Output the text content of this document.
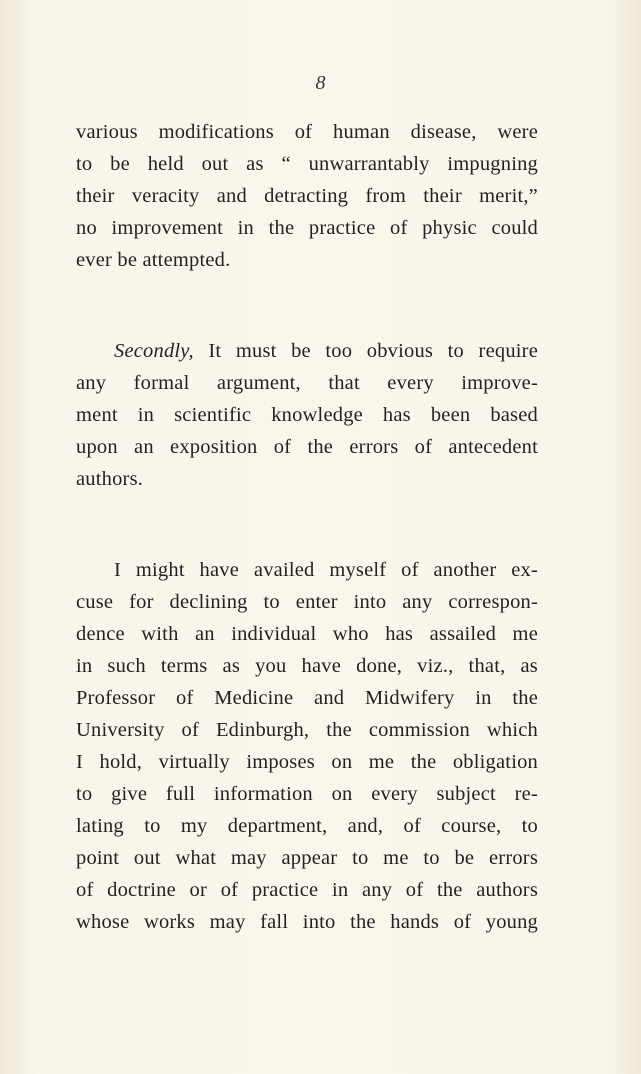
8
various modifications of human disease, were
to be held out as “ unwarrantably impugning
their veracity and detracting from their merit,”
no improvement in the practice of physic could
ever be attempted.
Secondly, It must be too obvious to require
any formal argument, that every improve-
ment in scientific knowledge has been based
upon an exposition of the errors of antecedent
authors.
I might have availed myself of another ex-
cuse for declining to enter into any correspon-
dence with an individual who has assailed me
in such terms as you have done, viz., that, as
Professor of Medicine and Midwifery in the
University of Edinburgh, the commission which
I hold, virtually imposes on me the obligation
to give full information on every subject re-
lating to my department, and, of course, to
point out what may appear to me to be errors
of doctrine or of practice in any of the authors
whose works may fall into the hands of young
